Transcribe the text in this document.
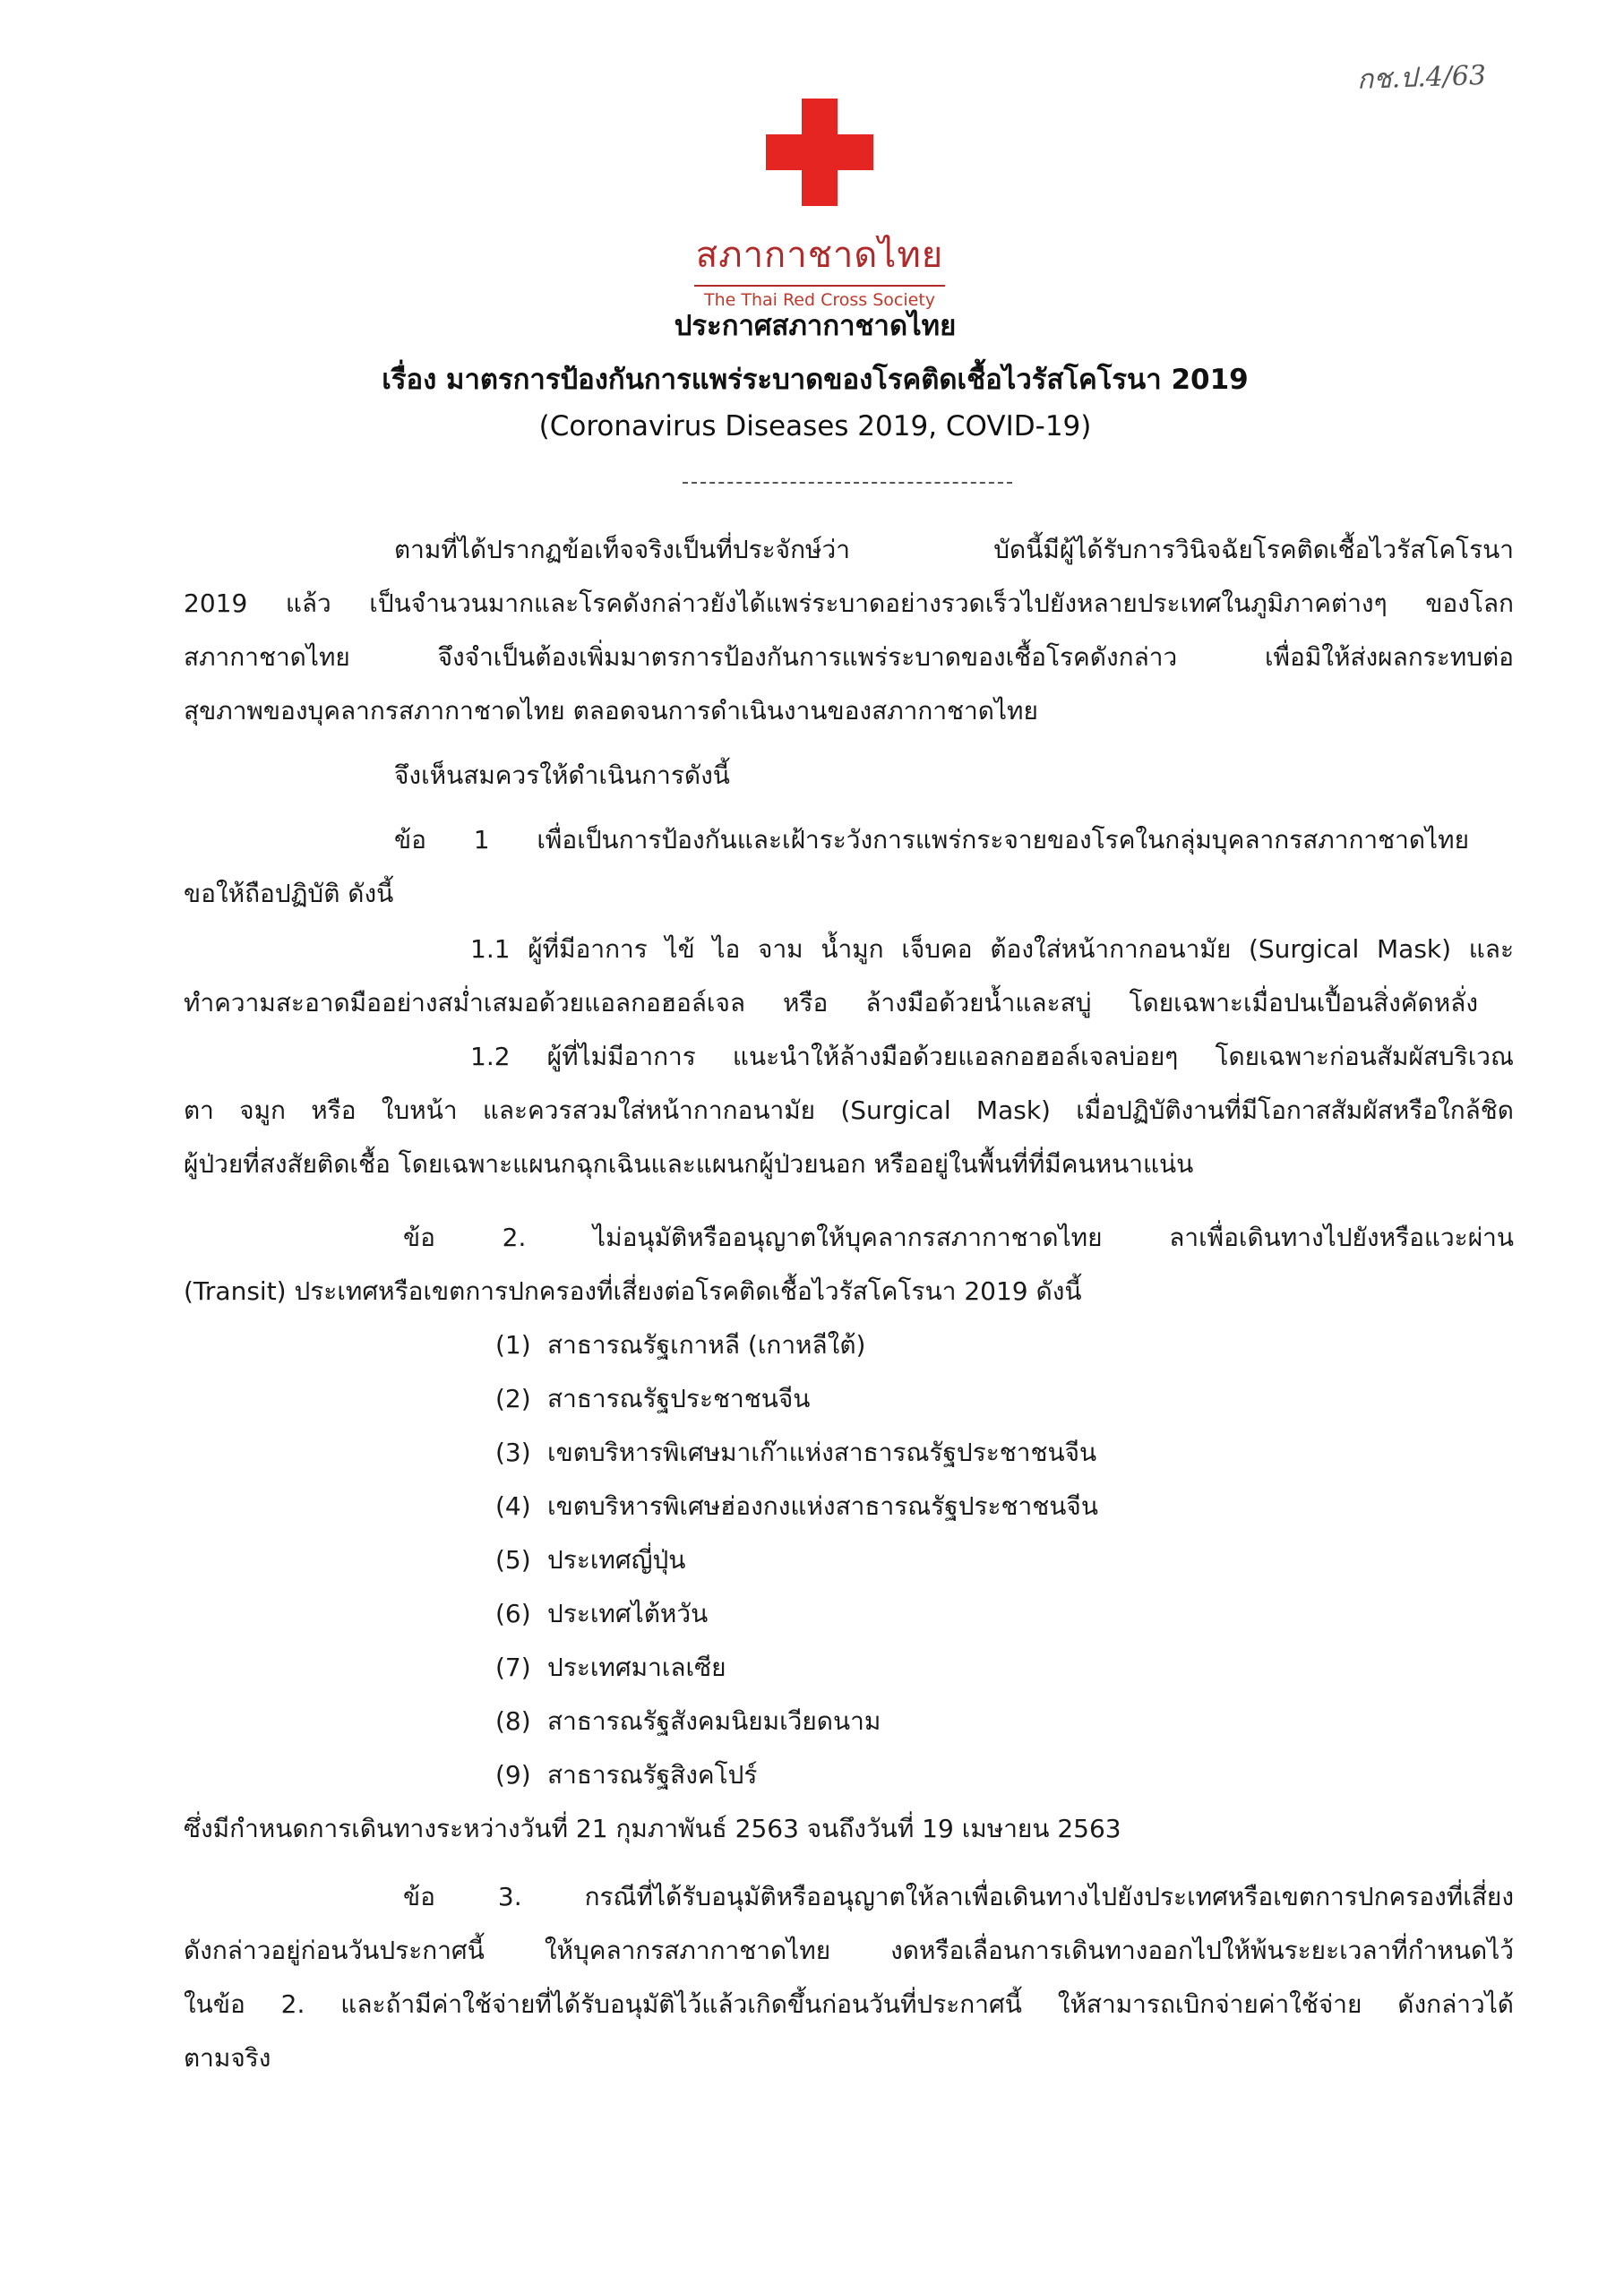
กช.ป.4/63
สภากาชาดไทย
The Thai Red Cross Society
ประกาศสภากาชาดไทย
เรื่อง มาตรการป้องกันการแพร่ระบาดของโรคติดเชื้อไวรัสโคโรนา 2019
(Coronavirus Diseases 2019, COVID-19)
ตามที่ได้ปรากฏข้อเท็จจริงเป็นที่ประจักษ์ว่า บัดนี้มีผู้ได้รับการวินิจฉัยโรคติดเชื้อไวรัสโคโรนา
2019 แล้ว เป็นจำนวนมากและโรคดังกล่าวยังได้แพร่ระบาดอย่างรวดเร็วไปยังหลายประเทศในภูมิภาคต่างๆ ของโลก
สภากาชาดไทย จึงจำเป็นต้องเพิ่มมาตรการป้องกันการแพร่ระบาดของเชื้อโรคดังกล่าว เพื่อมิให้ส่งผลกระทบต่อ
สุขภาพของบุคลากรสภากาชาดไทย ตลอดจนการดำเนินงานของสภากาชาดไทย
จึงเห็นสมควรให้ดำเนินการดังนี้
ข้อ 1 เพื่อเป็นการป้องกันและเฝ้าระวังการแพร่กระจายของโรคในกลุ่มบุคลากรสภากาชาดไทย
ขอให้ถือปฏิบัติ ดังนี้
1.1 ผู้ที่มีอาการ ไข้ ไอ จาม น้ำมูก เจ็บคอ ต้องใส่หน้ากากอนามัย (Surgical Mask) และ
ทำความสะอาดมืออย่างสม่ำเสมอด้วยแอลกอฮอล์เจล หรือ ล้างมือด้วยน้ำและสบู่ โดยเฉพาะเมื่อปนเปื้อนสิ่งคัดหลั่ง
1.2 ผู้ที่ไม่มีอาการ แนะนำให้ล้างมือด้วยแอลกอฮอล์เจลบ่อยๆ โดยเฉพาะก่อนสัมผัสบริเวณ
ตา จมูก หรือ ใบหน้า และควรสวมใส่หน้ากากอนามัย (Surgical Mask) เมื่อปฏิบัติงานที่มีโอกาสสัมผัสหรือใกล้ชิด
ผู้ป่วยที่สงสัยติดเชื้อ โดยเฉพาะแผนกฉุกเฉินและแผนกผู้ป่วยนอก หรืออยู่ในพื้นที่ที่มีคนหนาแน่น
ข้อ 2. ไม่อนุมัติหรืออนุญาตให้บุคลากรสภากาชาดไทย ลาเพื่อเดินทางไปยังหรือแวะผ่าน
(Transit) ประเทศหรือเขตการปกครองที่เสี่ยงต่อโรคติดเชื้อไวรัสโคโรนา 2019 ดังนี้
(1) สาธารณรัฐเกาหลี (เกาหลีใต้)
(2) สาธารณรัฐประชาชนจีน
(3) เขตบริหารพิเศษมาเก๊าแห่งสาธารณรัฐประชาชนจีน
(4) เขตบริหารพิเศษฮ่องกงแห่งสาธารณรัฐประชาชนจีน
(5) ประเทศญี่ปุ่น
(6) ประเทศไต้หวัน
(7) ประเทศมาเลเซีย
(8) สาธารณรัฐสังคมนิยมเวียดนาม
(9) สาธารณรัฐสิงคโปร์
ซึ่งมีกำหนดการเดินทางระหว่างวันที่ 21 กุมภาพันธ์ 2563 จนถึงวันที่ 19 เมษายน 2563
ข้อ 3. กรณีที่ได้รับอนุมัติหรืออนุญาตให้ลาเพื่อเดินทางไปยังประเทศหรือเขตการปกครองที่เสี่ยง
ดังกล่าวอยู่ก่อนวันประกาศนี้ ให้บุคลากรสภากาชาดไทย งดหรือเลื่อนการเดินทางออกไปให้พ้นระยะเวลาที่กำหนดไว้
ในข้อ 2. และถ้ามีค่าใช้จ่ายที่ได้รับอนุมัติไว้แล้วเกิดขึ้นก่อนวันที่ประกาศนี้ ให้สามารถเบิกจ่ายค่าใช้จ่าย ดังกล่าวได้
ตามจริง
